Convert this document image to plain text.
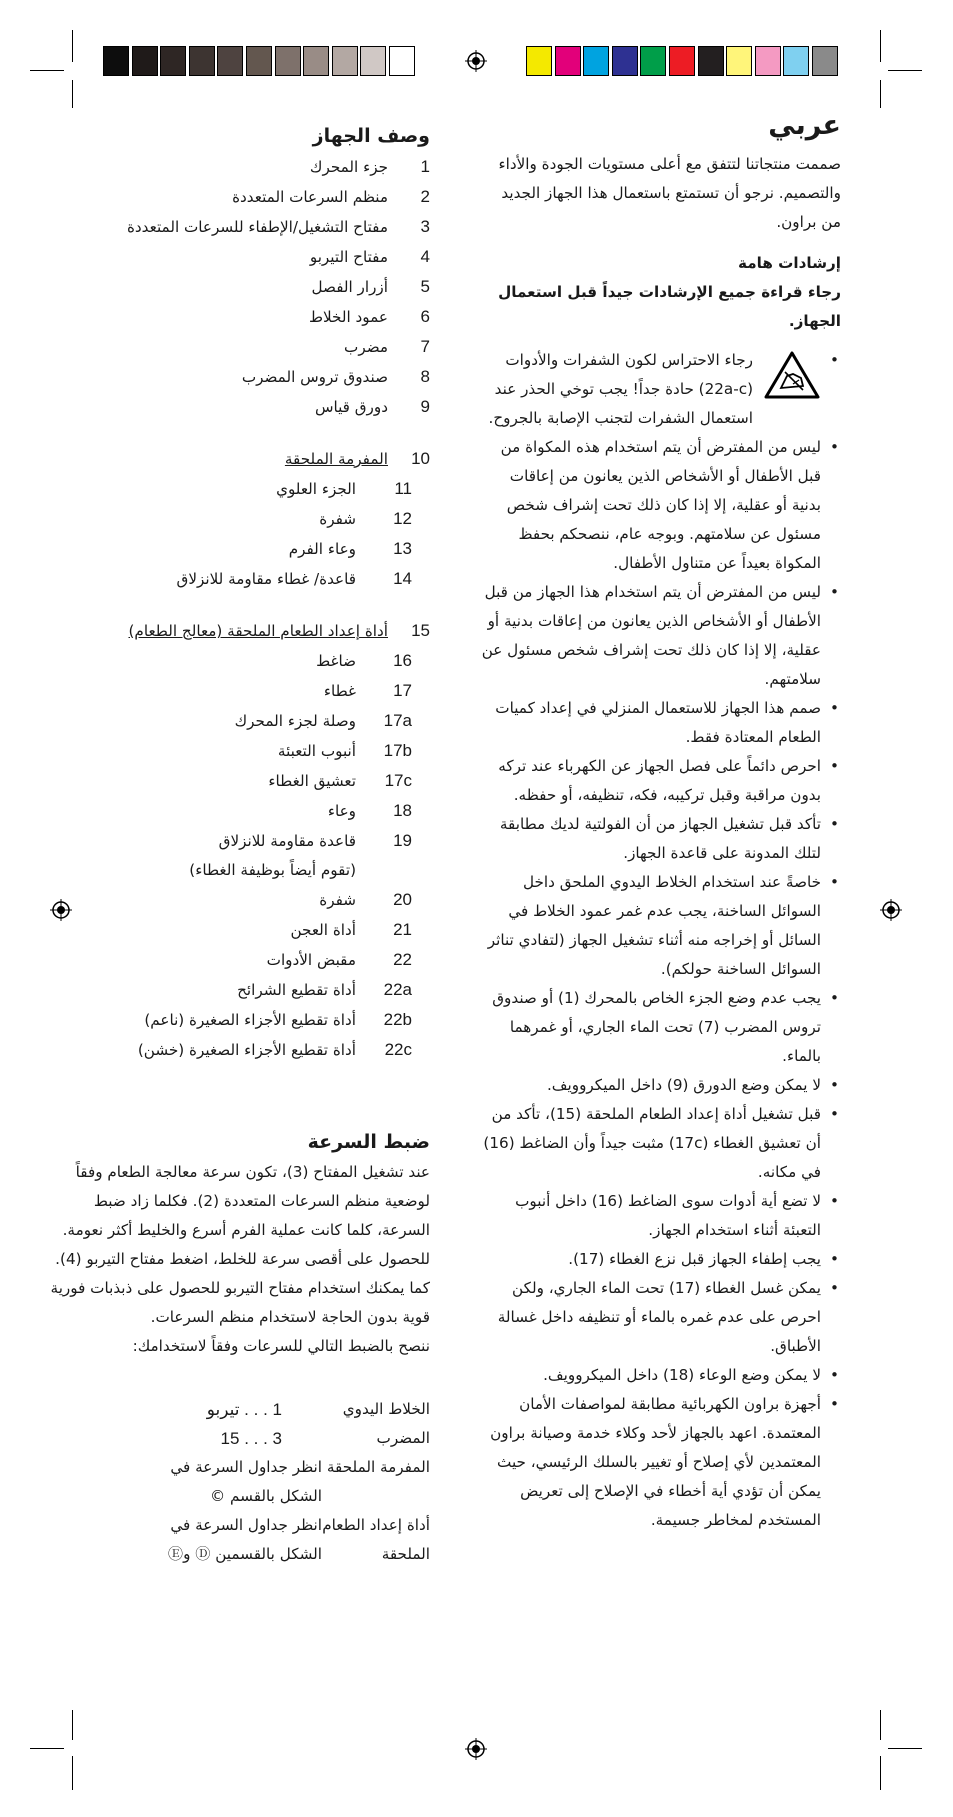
عربي

صممت منتجاتنا لتتفق مع أعلى مستويات الجودة والأداء والتصميم. نرجو أن تستمتع باستعمال هذا الجهاز الجديد من براون.

إرشادات هامة
رجاء قراءة جميع الإرشادات جيداً قبل استعمال الجهاز.
•
رجاء الاحتراس لكون الشفرات والأدوات (22a-c) حادة جداً! يجب توخي الحذر عند استعمال الشفرات لتجنب الإصابة بالجروح.
•
ليس من المفترض أن يتم استخدام هذه المكواة من قبل الأطفال أو الأشخاص الذين يعانون من إعاقات بدنية أو عقلية، إلا إذا كان ذلك تحت إشراف شخص مسئول عن سلامتهم. وبوجه عام، ننصحكم بحفظ المكواة بعيداً عن متناول الأطفال.
•
ليس من المفترض أن يتم استخدام هذا الجهاز من قبل الأطفال أو الأشخاص الذين يعانون من إعاقات بدنية أو عقلية، إلا إذا كان ذلك تحت إشراف شخص مسئول عن سلامتهم.
•
صمم هذا الجهاز للاستعمال المنزلي في إعداد كميات الطعام المعتادة فقط.
•
احرص دائماً على فصل الجهاز عن الكهرباء عند تركه بدون مراقبة وقبل تركيبه، فكه، تنظيفه، أو حفظه.
•
تأكد قبل تشغيل الجهاز من أن الفولتية لديك مطابقة لتلك المدونة على قاعدة الجهاز.
•
خاصةً عند استخدام الخلاط اليدوي الملحق داخل السوائل الساخنة، يجب عدم غمر عمود الخلاط في السائل أو إخراجه منه أثناء تشغيل الجهاز (لتفادي تناثر السوائل الساخنة حولكم).
•
يجب عدم وضع الجزء الخاص بالمحرك (1) أو صندوق تروس المضرب (7) تحت الماء الجاري، أو غمرهما بالماء.
•
لا يمكن وضع الدورق (9) داخل الميكروويف.
•
قبل تشغيل أداة إعداد الطعام الملحقة (15)، تأكد من أن تعشيق الغطاء (17c) مثبت جيداً وأن الضاغط (16) في مكانه.
•
لا تضع أية أدوات سوى الضاغط (16) داخل أنبوب التعبئة أثناء استخدام الجهاز.
•
يجب إطفاء الجهاز قبل نزع الغطاء (17).
•
يمكن غسل الغطاء (17) تحت الماء الجاري، ولكن احرص على عدم غمره بالماء أو تنظيفه داخل غسالة الأطباق.
•
لا يمكن وضع الوعاء (18) داخل الميكروويف.
•
أجهزة براون الكهربائية مطابقة لمواصفات الأمان المعتمدة. اعهد بالجهاز لأحد وكلاء خدمة وصيانة براون المعتمدين لأي إصلاح أو تغيير بالسلك الرئيسي، حيث يمكن أن تؤدي أية أخطاء في الإصلاح إلى تعريض المستخدم لمخاطر جسيمة.
وصف الجهاز
1
جزء المحرك
2
منظم السرعات المتعددة
3
مفتاح التشغيل/الإطفاء للسرعات المتعددة
4
مفتاح التيربو
5
أزرار الفصل
6
عمود الخلاط
7
مضرب
8
صندوق تروس المضرب
9
دورق قياس
10
المفرمة الملحقة
11
الجزء العلوي
12
شفرة
13
وعاء الفرم
14
قاعدة/ غطاء مقاومة للانزلاق
15
أداة إعداد الطعام الملحقة (معالج الطعام)
16
ضاغط
17
غطاء
17a
وصلة لجزء المحرك
17b
أنبوب التعبئة
17c
تعشيق الغطاء
18
وعاء
19
قاعدة مقاومة للانزلاق
(تقوم أيضاً بوظيفة الغطاء)
20
شفرة
21
أداة العجن
22
مقبض الأدوات
22a
أداة تقطيع الشرائح
22b
أداة تقطيع الأجزاء الصغيرة (ناعم)
22c
أداة تقطيع الأجزاء الصغيرة (خشن)
ضبط السرعة
عند تشغيل المفتاح (3)، تكون سرعة معالجة الطعام وفقاً لوضعية منظم السرعات المتعددة (2). فكلما زاد ضبط السرعة، كلما كانت عملية الفرم أسرع والخليط أكثر نعومة. للحصول على أقصى سرعة للخلط، اضغط مفتاح التيربو (4). كما يمكنك استخدام مفتاح التيربو للحصول على ذبذبات فورية قوية بدون الحاجة لاستخدام منظم السرعات.
ننصح بالضبط التالي للسرعات وفقاً لاستخدامك:
الخلاط اليدوي
1 . . . تيربو
المضرب
3 . . . 15
المفرمة الملحقة
انظر جداول السرعة في الشكل بالقسم ©
أداة إعداد الطعام الملحقة
انظر جداول السرعة في الشكل بالقسمين Ⓓ وⒺ
